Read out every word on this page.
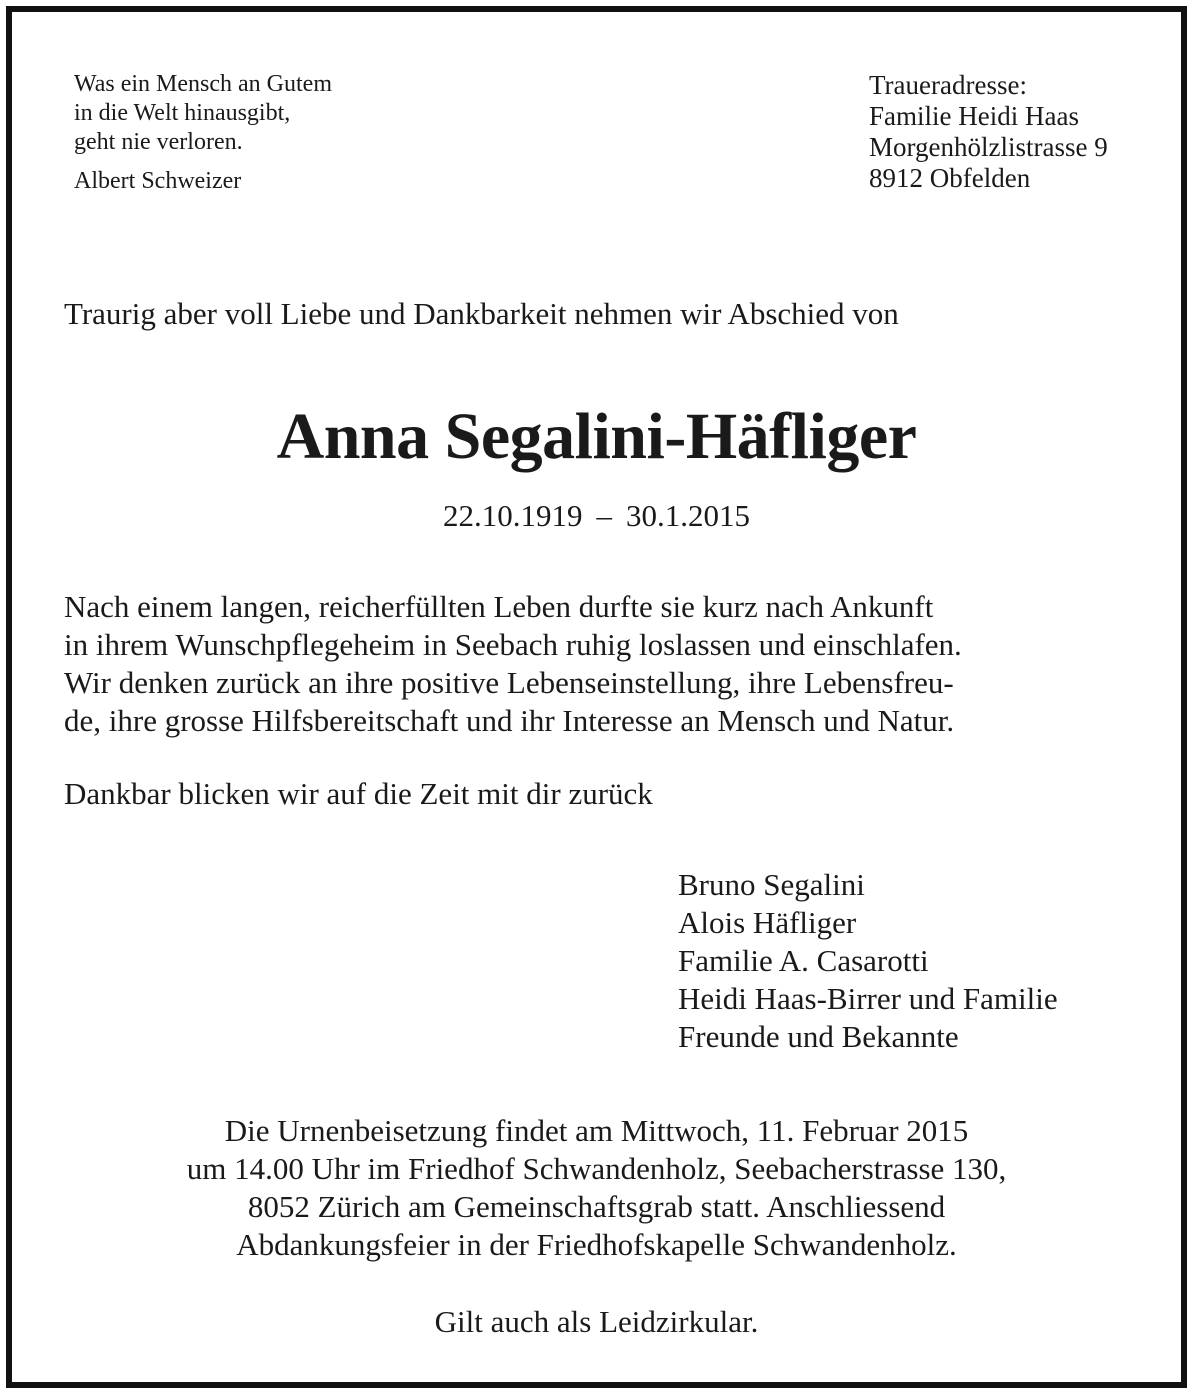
Was ein Mensch an Gutem
in die Welt hinausgibt,
geht nie verloren.
Albert Schweizer
Traueradresse:
Familie Heidi Haas
Morgenhölzlistrasse 9
8912 Obfelden
Traurig aber voll Liebe und Dankbarkeit nehmen wir Abschied von
Anna Segalini-Häfliger
22.10.1919 – 30.1.2015
Nach einem langen, reicherfüllten Leben durfte sie kurz nach Ankunft
in ihrem Wunschpflegeheim in Seebach ruhig loslassen und einschlafen.
Wir denken zurück an ihre positive Lebenseinstellung, ihre Lebensfreu-
de, ihre grosse Hilfsbereitschaft und ihr Interesse an Mensch und Natur.
Dankbar blicken wir auf die Zeit mit dir zurück
Bruno Segalini
Alois Häfliger
Familie A. Casarotti
Heidi Haas-Birrer und Familie
Freunde und Bekannte
Die Urnenbeisetzung findet am Mittwoch, 11. Februar 2015
um 14.00 Uhr im Friedhof Schwandenholz, Seebacherstrasse 130,
8052 Zürich am Gemeinschaftsgrab statt. Anschliessend
Abdankungsfeier in der Friedhofskapelle Schwandenholz.
Gilt auch als Leidzirkular.
